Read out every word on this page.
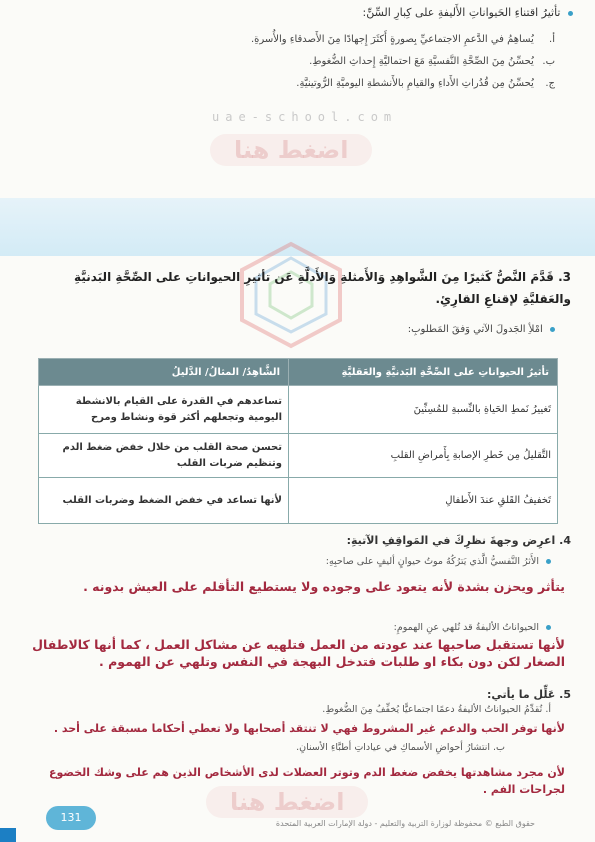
تأثيرُ اقتناءِ الحَيواناتِ الأَليفةِ على كِبارِ السِّنِّ:
أ. يُساهِمُ في الدَّعمِ الاجتماعيِّ بِصورةٍ أَكثَرَ إِجهادًا مِنَ الأَصدقاءِ والأُسرةِ.
ب. يُحسِّنُ مِنَ الصِّحَّةِ النَّفسيَّةِ مَعَ احتماليَّةِ إِحداثِ الضُّغوطِ.
ج. يُحسِّنُ مِن قُدُراتِ الأَداءِ والقيامِ بالأَنشطةِ اليوميَّةِ الرُّوتينيَّةِ.
uae-school.com
اضغط هنا
3. قَدَّمَ النَّصُّ كَثيرًا مِنَ الشَّواهِدِ وَالأَمثلةِ وَالأَدلَّةِ عَن تأثيرِ الحيواناتِ على الصِّحَّةِ البَدنيَّةِ والعَقليَّةِ لإقناعِ القارِئِ.
امْلأِ الجَدولَ الآتي وَفقَ المَطلوبِ:
تأثيرُ الحيواناتِ على الصِّحَّةِ البَدنيَّةِ والعَقليَّةِ	الشَّاهِدُ/ المثالُ/ الدَّليلُ
تَغييرُ نَمطِ الحَياةِ بالنِّسبةِ للمُسِنِّينَ	تساعدهم في القدرة على القيام بالانشطة اليومية وتجعلهم أكثر قوة ونشاط ومرح
التَّقليلُ مِن خَطرِ الإصابةِ بِأَمراضِ القلبِ	تحسن صحة القلب من خلال خفض ضغط الدم وتنظيم ضربات القلب
تَخفيفُ القَلقِ عندَ الأَطفالِ	لأنها تساعد في خفض الضغط وضربات القلب
4. اعرِض وجهةَ نظرِكَ في المَواقِفِ الآتيةِ:
الأَثرُ النَّفسيُّ الَّذي يَترُكُهُ موتُ حيوانٍ أليفٍ على صاحبِهِ:
يتأثر ويحزن بشدة لأنه يتعود على وجوده ولا يستطيع التأقلم على العيش بدونه .
الحيواناتُ الأليفةُ قد تُلهي عنِ الهمومِ:
لأنها تستقبل صاحبها عند عودته من العمل فتلهيه عن مشاكل العمل ، كما أنها كالاطفال الصغار لكن دون بكاء او طلبات فتدخل البهجة في النفس وتلهي عن الهموم .
5. عَلِّل ما يأتي:
أ. تُقدِّمُ الحيواناتُ الأليفةُ دعمًا اجتماعيًّا يُخفِّفُ مِنَ الضُّغوطِ.
لأنها توفر الحب والدعم غير المشروط فهي لا تنتقد أصحابها ولا تعطي أحكاما مسبقة على أحد .
ب. انتشارُ أحواضِ الأسماكِ في عياداتِ أطبَّاءِ الأسنانِ.
لأن مجرد مشاهدتها يخفض ضغط الدم وتوتر العضلات لدى الأشخاص الذين هم على وشك الخضوع لجراحات الفم .
اضغط هنا
131	حقوق الطبع © محفوظة لوزارة التربية والتعليم - دولة الإمارات العربية المتحدة
